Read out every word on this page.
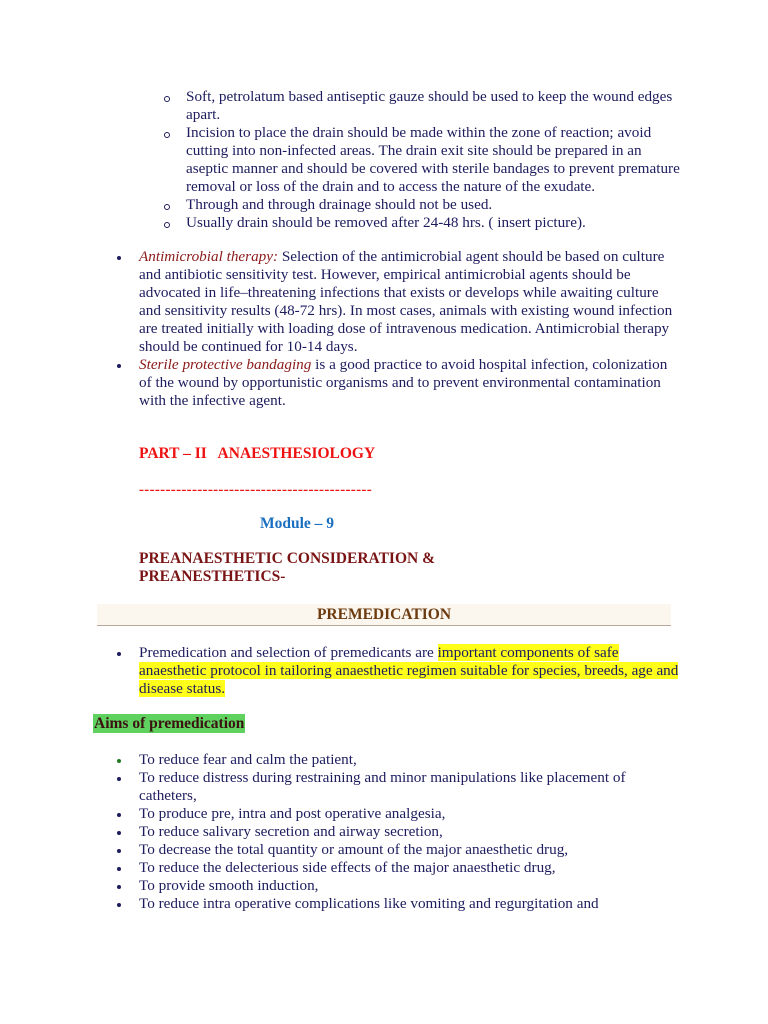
Soft, petrolatum based antiseptic gauze should be used to keep the wound edges apart.
Incision to place the drain should be made within the zone of reaction; avoid cutting into non-infected areas. The drain exit site should be prepared in an aseptic manner and should be covered with sterile bandages to prevent premature removal or loss of the drain and to access the nature of the exudate.
Through and through drainage should not be used.
Usually drain should be removed after 24-48 hrs. ( insert picture).
Antimicrobial therapy: Selection of the antimicrobial agent should be based on culture and antibiotic sensitivity test. However, empirical antimicrobial agents should be advocated in life–threatening infections that exists or develops while awaiting culture and sensitivity results (48-72 hrs). In most cases, animals with existing wound infection are treated initially with loading dose of intravenous medication. Antimicrobial therapy should be continued for 10-14 days.
Sterile protective bandaging is a good practice to avoid hospital infection, colonization of the wound by opportunistic organisms and to prevent environmental contamination with the infective agent.
PART – II   ANAESTHESIOLOGY
--------------------------------------------
Module – 9
PREANAESTHETIC CONSIDERATION & PREANESTHETICS-
PREMEDICATION
Premedication and selection of premedicants are important components of safe anaesthetic protocol in tailoring anaesthetic regimen suitable for species, breeds, age and disease status.
Aims of premedication
To reduce fear and calm the patient,
To reduce distress during restraining and minor manipulations like placement of catheters,
To produce pre, intra and post operative analgesia,
To reduce salivary secretion and airway secretion,
To decrease the total quantity or amount of the major anaesthetic drug,
To reduce the delecterious side effects of the major anaesthetic drug,
To provide smooth induction,
To reduce intra operative complications like vomiting and regurgitation and
